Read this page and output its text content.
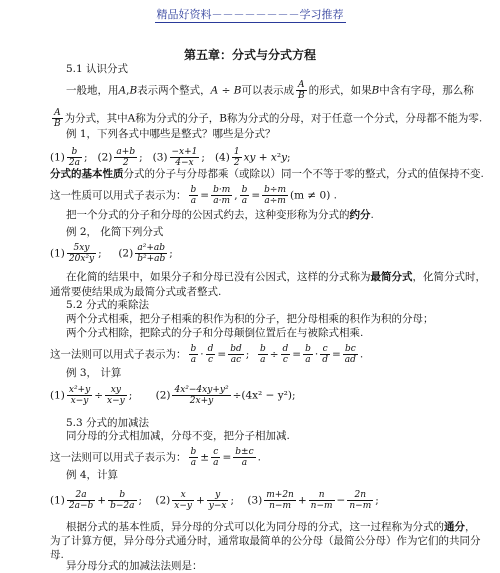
精品好资料－－－－－－－－学习推荐
第五章：分式与分式方程
5.1 认识分式
一般地，用A,B表示两个整式，A ÷ B可以表示成 $\frac{A}{B}$ 的形式，如果B中含有字母，那么称
$\frac{A}{B}$ 为分式，其中A称为分式的分子，B称为分式的分母，对于任意一个分式，分母都不能为零.
例 1，下列各式中哪些是整式？哪些是分式？
$(1) \frac{b}{2a}$ ;   $(2) \frac{a+b}{2}$ ;   $(3) \frac{-x+1}{4-x}$ ;   $(4) \frac{1}{2}$ xy + x²y;
分式的基本性质分式的分子与分母都乘（或除以）同一个不等于零的整式，分式的值保持不变.
这一性质可以用式子表示为： $\frac{b}{a} = \frac{b\cdot m}{a\cdot m}$ , $\frac{b}{a} = \frac{b\div m}{a\div m} (m \ne 0)$ .
把一个分式的分子和分母的公因式约去，这种变形称为分式的约分.
例 2， 化简下列分式
$(1) \frac{5xy}{\text{20x²y}}$ ;     $(2) \frac{\text{a²+ab}}{\text{b²+ab}}$ ;
在化简的结果中，如果分子和分母已没有公因式，这样的分式称为最简分式，化简分式时，
通常要使结果成为最简分式或者整式.
5.2 分式的乘除法
两个分式相乘，把分子相乘的积作为积的分子，把分母相乘的积作为积的分母；
两个分式相除，把除式的分子和分母颠倒位置后在与被除式相乘.
这一法则可以用式子表示为： $\frac{b}{a} \cdot \frac{d}{c} = \frac{bd}{ac}$ ; $\frac{b}{a} \div \frac{d}{c} = \frac{b}{a} \cdot \frac{c}{d} = \frac{bc}{ad}$ .
例 3， 计算
$(1) \frac{\text{x²+y}}{x-y} \div \frac{xy}{x-y}$ ;       $(2) \frac{\text{4x²−4xy+y²}}{2x+y} \div(4x^2 - y^2)$;
5.3 分式的加减法
同分母的分式相加减，分母不变，把分子相加减.
这一法则可以用式子表示为： $\frac{b}{a} \pm \frac{c}{a} = \frac{b\pm c}{a}$ .
例 4，计算
$(1) \frac{2a}{2a-b} + \frac{b}{b-2a}$ ;    $(2) \frac{x}{x-y} + \frac{y}{y-x}$ ;    $(3) \frac{m+2n}{n-m} + \frac{n}{n-m} - \frac{2n}{n-m}$ ;
根据分式的基本性质，异分母的分式可以化为同分母的分式，这一过程称为分式的通分，
为了计算方便，异分母分式通分时，通常取最简单的公分母（最简公分母）作为它们的共同分
母.
异分母分式的加减法法则是：
